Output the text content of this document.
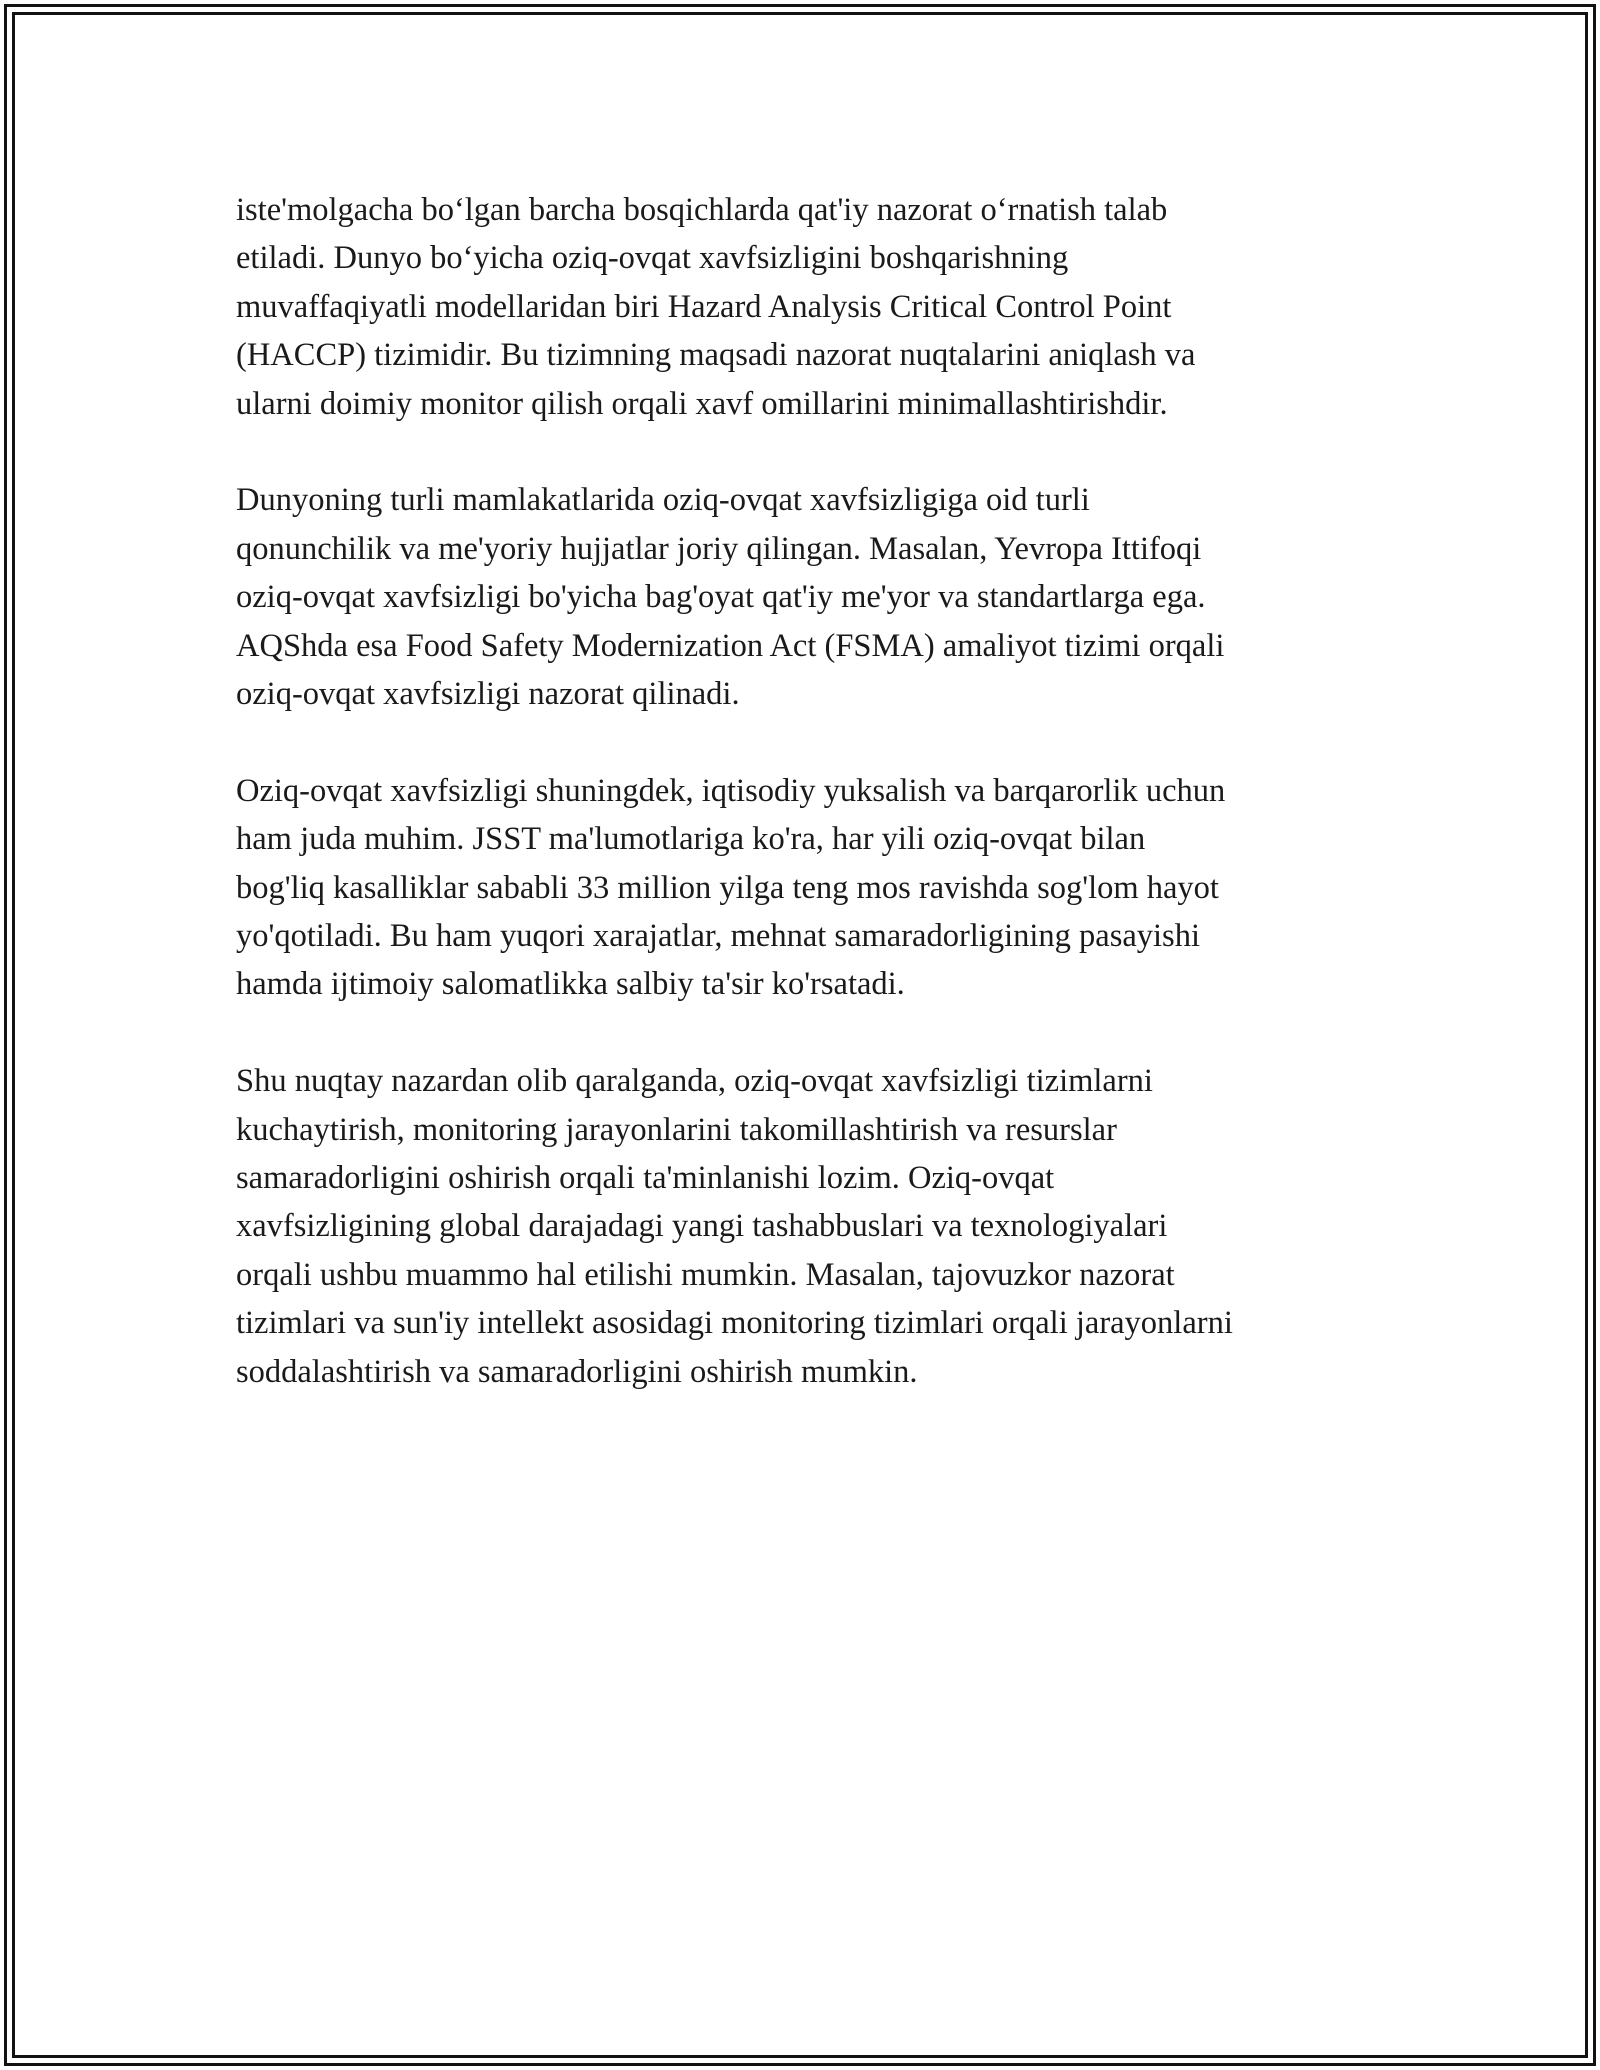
iste'molgacha boʻlgan barcha bosqichlarda qat'iy nazorat oʻrnatish talab
etiladi. Dunyo boʻyicha oziq-ovqat xavfsizligini boshqarishning
muvaffaqiyatli modellaridan biri Hazard Analysis Critical Control Point
(HACCP) tizimidir. Bu tizimning maqsadi nazorat nuqtalarini aniqlash va
ularni doimiy monitor qilish orqali xavf omillarini minimallashtirishdir.

Dunyoning turli mamlakatlarida oziq-ovqat xavfsizligiga oid turli
qonunchilik va me'yoriy hujjatlar joriy qilingan. Masalan, Yevropa Ittifoqi
oziq-ovqat xavfsizligi bo'yicha bag'oyat qat'iy me'yor va standartlarga ega.
AQShda esa Food Safety Modernization Act (FSMA) amaliyot tizimi orqali
oziq-ovqat xavfsizligi nazorat qilinadi.

Oziq-ovqat xavfsizligi shuningdek, iqtisodiy yuksalish va barqarorlik uchun
ham juda muhim. JSST ma'lumotlariga ko'ra, har yili oziq-ovqat bilan
bog'liq kasalliklar sababli 33 million yilga teng mos ravishda sog'lom hayot
yo'qotiladi. Bu ham yuqori xarajatlar, mehnat samaradorligining pasayishi
hamda ijtimoiy salomatlikka salbiy ta'sir ko'rsatadi.

Shu nuqtay nazardan olib qaralganda, oziq-ovqat xavfsizligi tizimlarni
kuchaytirish, monitoring jarayonlarini takomillashtirish va resurslar
samaradorligini oshirish orqali ta'minlanishi lozim. Oziq-ovqat
xavfsizligining global darajadagi yangi tashabbuslari va texnologiyalari
orqali ushbu muammo hal etilishi mumkin. Masalan, tajovuzkor nazorat
tizimlari va sun'iy intellekt asosidagi monitoring tizimlari orqali jarayonlarni
soddalashtirish va samaradorligini oshirish mumkin.
